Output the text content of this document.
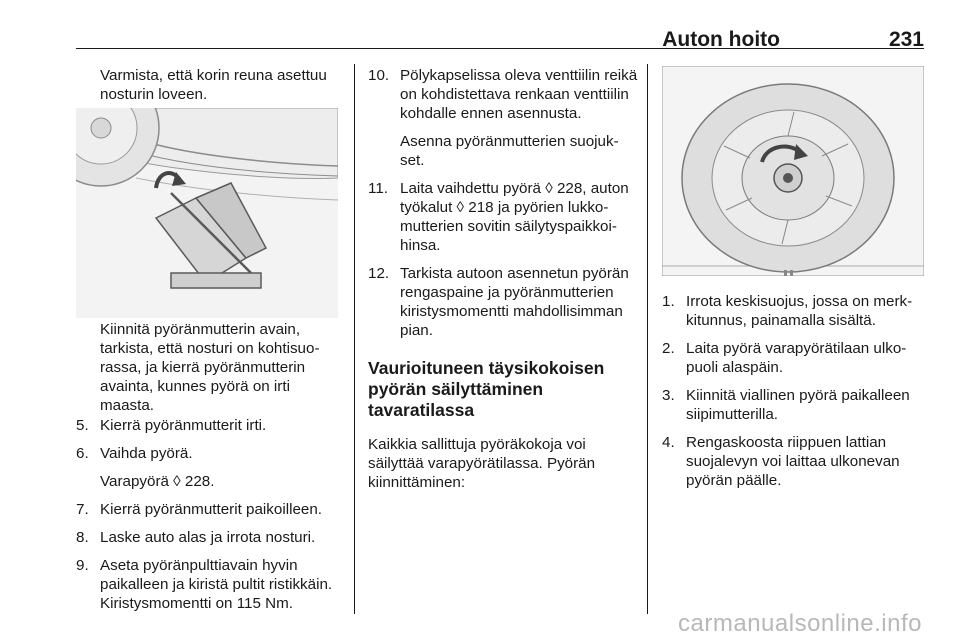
Auton hoito	231
Varmista, että korin reuna asettuu nosturin loveen.
Kiinnitä pyöränmutterin avain, tarkista, että nosturi on kohtisuorassa, ja kierrä pyöränmutterin avainta, kunnes pyörä on irti maasta.
5. Kierrä pyöränmutterit irti.
6. Vaihda pyörä.
Varapyörä ◊ 228.
7. Kierrä pyöränmutterit paikoilleen.
8. Laske auto alas ja irrota nosturi.
9. Aseta pyöränpulttiavain hyvin paikalleen ja kiristä pultit ristikkäin. Kiristysmomentti on 115 Nm.
10. Pölykapselissa oleva venttiilin reikä on kohdistettava renkaan venttiilin kohdalle ennen asennusta.
Asenna pyöränmutterien suojukset.
11. Laita vaihdettu pyörä ◊ 228, auton työkalut ◊ 218 ja pyörien lukkomutterien sovitin säilytyspaikkoihinsa.
12. Tarkista autoon asennetun pyörän rengaspaine ja pyöränmutterien kiristysmomentti mahdollisimman pian.
Vaurioituneen täysikokoisen pyörän säilyttäminen tavaratilassa
Kaikkia sallittuja pyöräkokoja voi säilyttää varapyörätilassa. Pyörän kiinnittäminen:
1. Irrota keskisuojus, jossa on merkkitunnus, painamalla sisältä.
2. Laita pyörä varapyörätilaan ulkopuoli alaspäin.
3. Kiinnitä viallinen pyörä paikalleen siipimutterilla.
4. Rengaskoosta riippuen lattian suojalevyn voi laittaa ulkonevan pyörän päälle.
carmanualsonline.info
